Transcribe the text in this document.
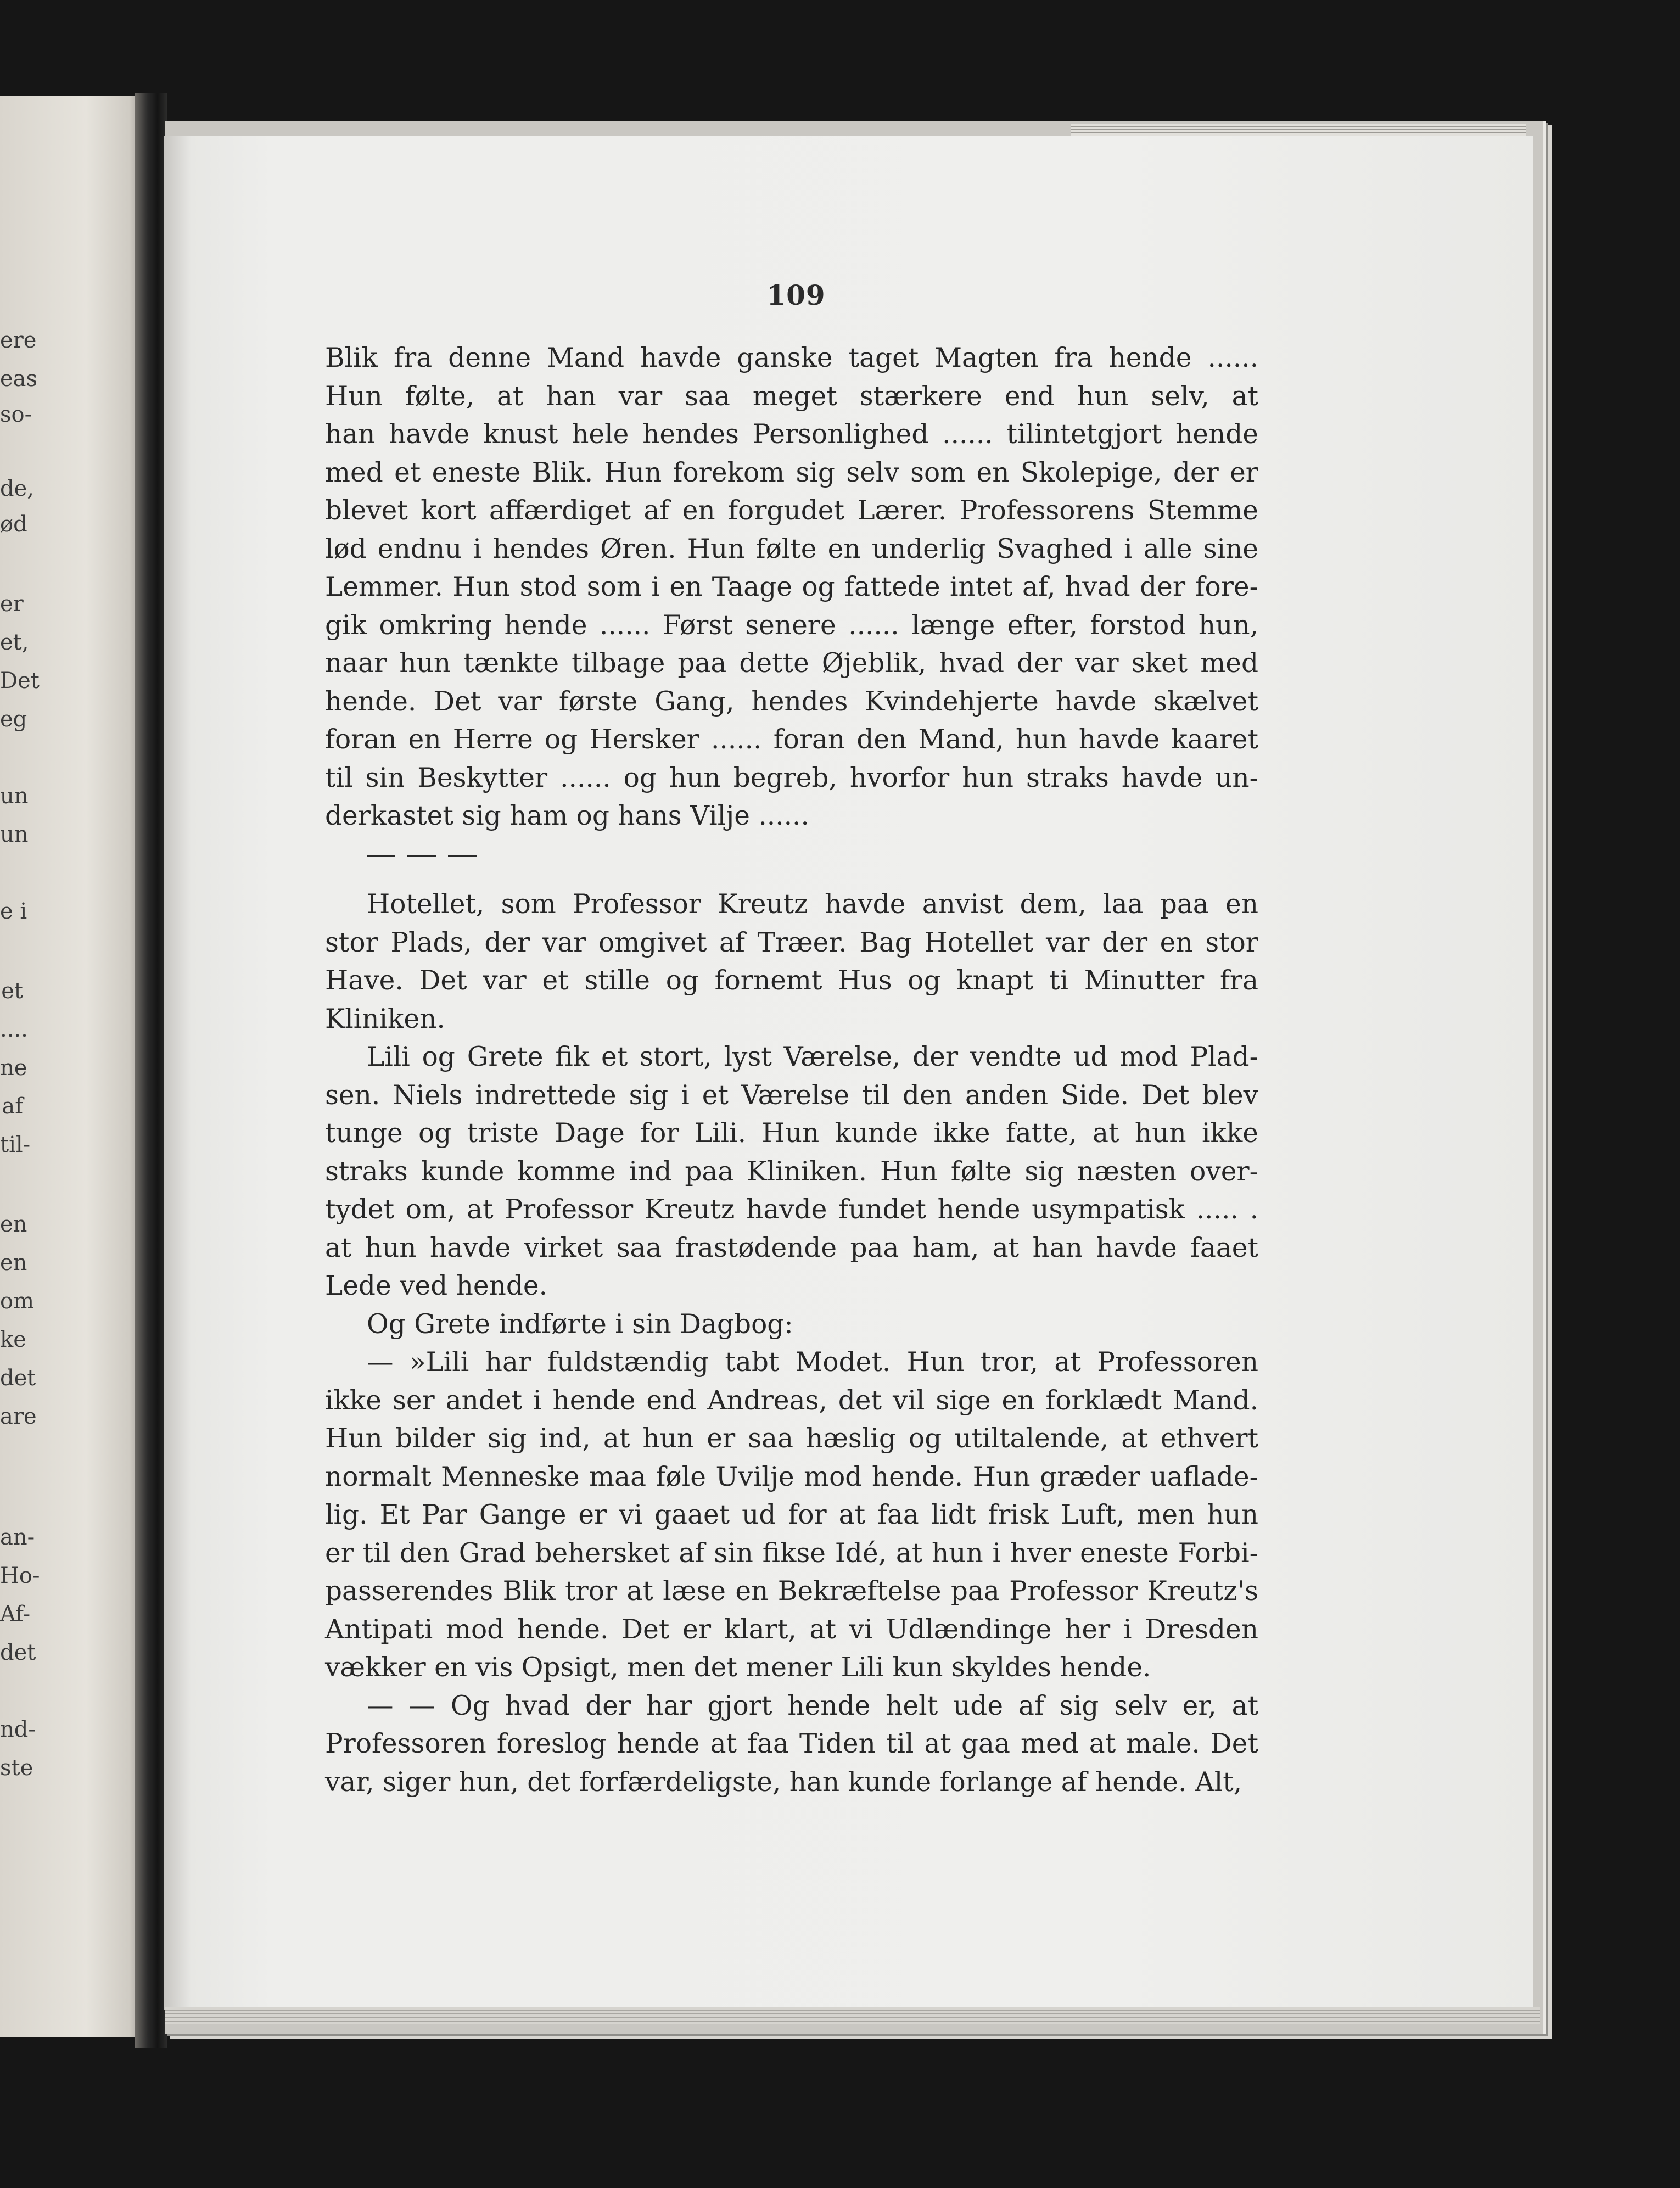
ere
eas
so-
de,
ød
er
et,
Det
eg
un
un
e i
et
....
ne
af
til-
en
en
om
ke
det
are
an-
Ho-
Af-
det
nd-
ste
109
Blik fra denne Mand havde ganske taget Magten fra hende ......
Hun følte, at han var saa meget stærkere end hun selv, at
han havde knust hele hendes Personlighed ...... tilintetgjort hende
med et eneste Blik. Hun forekom sig selv som en Skolepige, der er
blevet kort affærdiget af en forgudet Lærer. Professorens Stemme
lød endnu i hendes Øren. Hun følte en underlig Svaghed i alle sine
Lemmer. Hun stod som i en Taage og fattede intet af, hvad der fore-
gik omkring hende ...... Først senere ...... længe efter, forstod hun,
naar hun tænkte tilbage paa dette Øjeblik, hvad der var sket med
hende. Det var første Gang, hendes Kvindehjerte havde skælvet
foran en Herre og Hersker ...... foran den Mand, hun havde kaaret
til sin Beskytter ...... og hun begreb, hvorfor hun straks havde un-
derkastet sig ham og hans Vilje ......
Hotellet, som Professor Kreutz havde anvist dem, laa paa en
stor Plads, der var omgivet af Træer. Bag Hotellet var der en stor
Have. Det var et stille og fornemt Hus og knapt ti Minutter fra
Kliniken.
Lili og Grete fik et stort, lyst Værelse, der vendte ud mod Plad-
sen. Niels indrettede sig i et Værelse til den anden Side. Det blev
tunge og triste Dage for Lili. Hun kunde ikke fatte, at hun ikke
straks kunde komme ind paa Kliniken. Hun følte sig næsten over-
tydet om, at Professor Kreutz havde fundet hende usympatisk ..... .
at hun havde virket saa frastødende paa ham, at han havde faaet
Lede ved hende.
Og Grete indførte i sin Dagbog:
— »Lili har fuldstændig tabt Modet. Hun tror, at Professoren
ikke ser andet i hende end Andreas, det vil sige en forklædt Mand.
Hun bilder sig ind, at hun er saa hæslig og utiltalende, at ethvert
normalt Menneske maa føle Uvilje mod hende. Hun græder uaflade-
lig. Et Par Gange er vi gaaet ud for at faa lidt frisk Luft, men hun
er til den Grad behersket af sin fikse Idé, at hun i hver eneste Forbi-
passerendes Blik tror at læse en Bekræftelse paa Professor Kreutz's
Antipati mod hende. Det er klart, at vi Udlændinge her i Dresden
vækker en vis Opsigt, men det mener Lili kun skyldes hende.
— — Og hvad der har gjort hende helt ude af sig selv er, at
Professoren foreslog hende at faa Tiden til at gaa med at male. Det
var, siger hun, det forfærdeligste, han kunde forlange af hende. Alt,
